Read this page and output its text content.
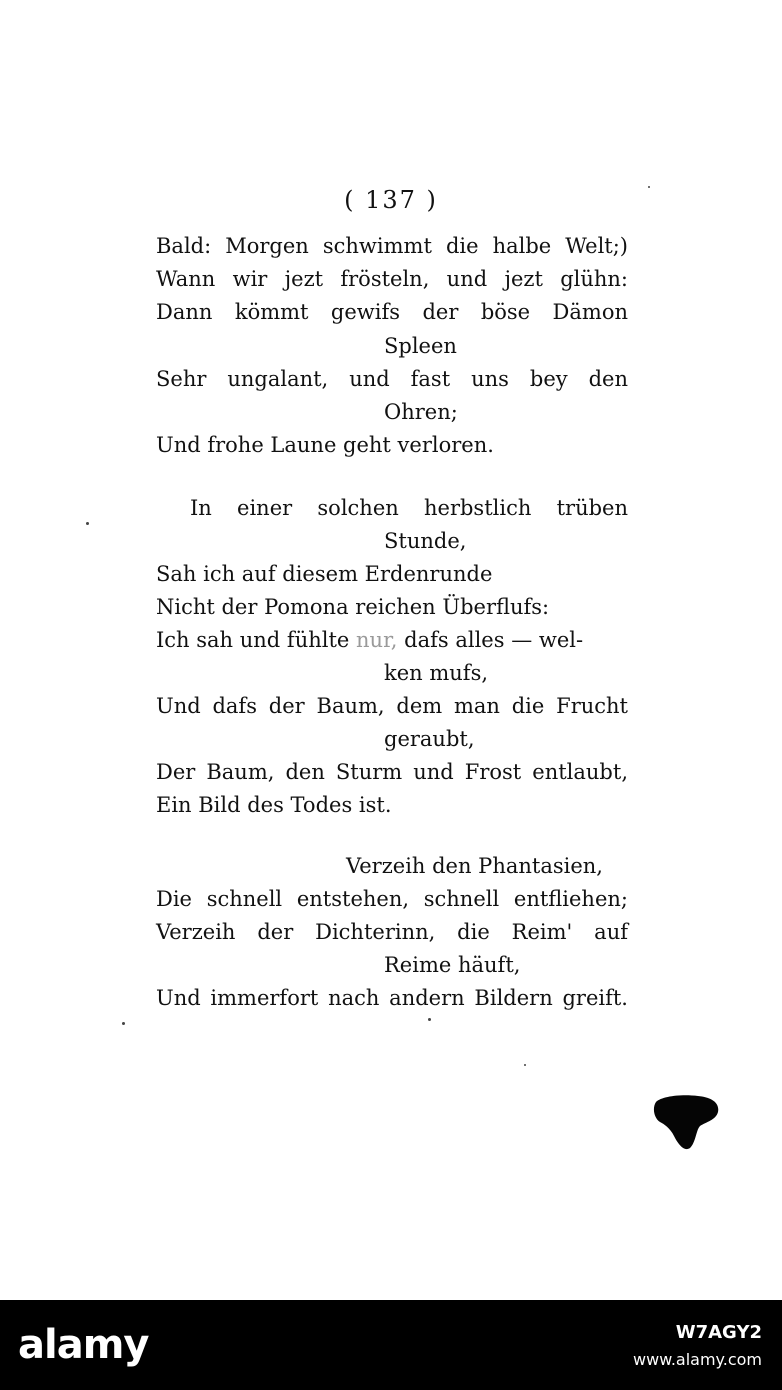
( 137 )
Bald: Morgen schwimmt die halbe Welt;)
Wann wir jezt frösteln, und jezt glühn:
Dann kömmt gewifs der böse Dämon
Spleen
Sehr ungalant, und fast uns bey den
Ohren;
Und frohe Laune geht verloren.
In einer solchen herbstlich trüben
Stunde,
Sah ich auf diesem Erdenrunde
Nicht der Pomona reichen Überflufs:
Ich sah und fühlte nur, dafs alles — wel-
ken mufs,
Und dafs der Baum, dem man die Frucht
geraubt,
Der Baum, den Sturm und Frost entlaubt,
Ein Bild des Todes ist.
Verzeih den Phantasien,
Die schnell entstehen, schnell entfliehen;
Verzeih der Dichterinn, die Reim' auf
Reime häuft,
Und immerfort nach andern Bildern greift.
alamy	W7AGY2
www.alamy.com
